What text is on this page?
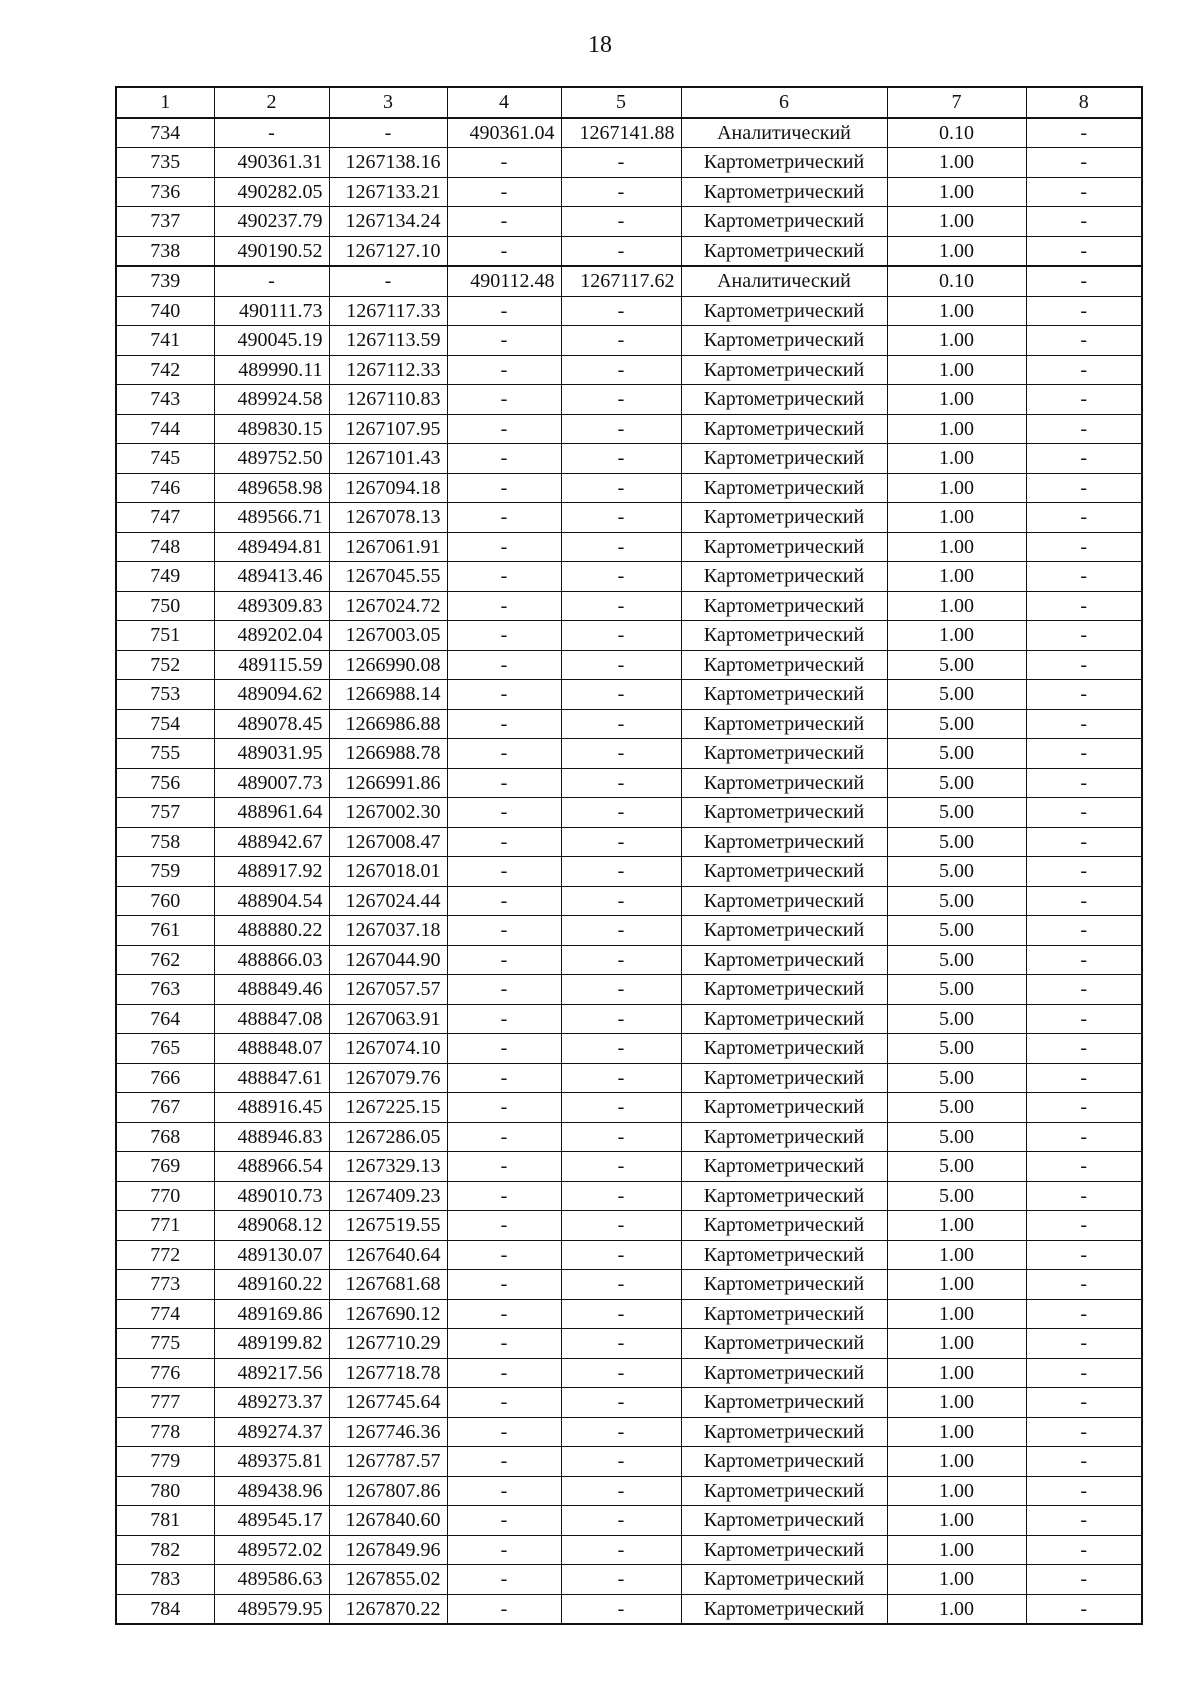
18
1	2	3	4	5	6	7	8
734	-	-	490361.04	1267141.88	Аналитический	0.10	-
735	490361.31	1267138.16	-	-	Картометрический	1.00	-
736	490282.05	1267133.21	-	-	Картометрический	1.00	-
737	490237.79	1267134.24	-	-	Картометрический	1.00	-
738	490190.52	1267127.10	-	-	Картометрический	1.00	-
739	-	-	490112.48	1267117.62	Аналитический	0.10	-
740	490111.73	1267117.33	-	-	Картометрический	1.00	-
741	490045.19	1267113.59	-	-	Картометрический	1.00	-
742	489990.11	1267112.33	-	-	Картометрический	1.00	-
743	489924.58	1267110.83	-	-	Картометрический	1.00	-
744	489830.15	1267107.95	-	-	Картометрический	1.00	-
745	489752.50	1267101.43	-	-	Картометрический	1.00	-
746	489658.98	1267094.18	-	-	Картометрический	1.00	-
747	489566.71	1267078.13	-	-	Картометрический	1.00	-
748	489494.81	1267061.91	-	-	Картометрический	1.00	-
749	489413.46	1267045.55	-	-	Картометрический	1.00	-
750	489309.83	1267024.72	-	-	Картометрический	1.00	-
751	489202.04	1267003.05	-	-	Картометрический	1.00	-
752	489115.59	1266990.08	-	-	Картометрический	5.00	-
753	489094.62	1266988.14	-	-	Картометрический	5.00	-
754	489078.45	1266986.88	-	-	Картометрический	5.00	-
755	489031.95	1266988.78	-	-	Картометрический	5.00	-
756	489007.73	1266991.86	-	-	Картометрический	5.00	-
757	488961.64	1267002.30	-	-	Картометрический	5.00	-
758	488942.67	1267008.47	-	-	Картометрический	5.00	-
759	488917.92	1267018.01	-	-	Картометрический	5.00	-
760	488904.54	1267024.44	-	-	Картометрический	5.00	-
761	488880.22	1267037.18	-	-	Картометрический	5.00	-
762	488866.03	1267044.90	-	-	Картометрический	5.00	-
763	488849.46	1267057.57	-	-	Картометрический	5.00	-
764	488847.08	1267063.91	-	-	Картометрический	5.00	-
765	488848.07	1267074.10	-	-	Картометрический	5.00	-
766	488847.61	1267079.76	-	-	Картометрический	5.00	-
767	488916.45	1267225.15	-	-	Картометрический	5.00	-
768	488946.83	1267286.05	-	-	Картометрический	5.00	-
769	488966.54	1267329.13	-	-	Картометрический	5.00	-
770	489010.73	1267409.23	-	-	Картометрический	5.00	-
771	489068.12	1267519.55	-	-	Картометрический	1.00	-
772	489130.07	1267640.64	-	-	Картометрический	1.00	-
773	489160.22	1267681.68	-	-	Картометрический	1.00	-
774	489169.86	1267690.12	-	-	Картометрический	1.00	-
775	489199.82	1267710.29	-	-	Картометрический	1.00	-
776	489217.56	1267718.78	-	-	Картометрический	1.00	-
777	489273.37	1267745.64	-	-	Картометрический	1.00	-
778	489274.37	1267746.36	-	-	Картометрический	1.00	-
779	489375.81	1267787.57	-	-	Картометрический	1.00	-
780	489438.96	1267807.86	-	-	Картометрический	1.00	-
781	489545.17	1267840.60	-	-	Картометрический	1.00	-
782	489572.02	1267849.96	-	-	Картометрический	1.00	-
783	489586.63	1267855.02	-	-	Картометрический	1.00	-
784	489579.95	1267870.22	-	-	Картометрический	1.00	-
